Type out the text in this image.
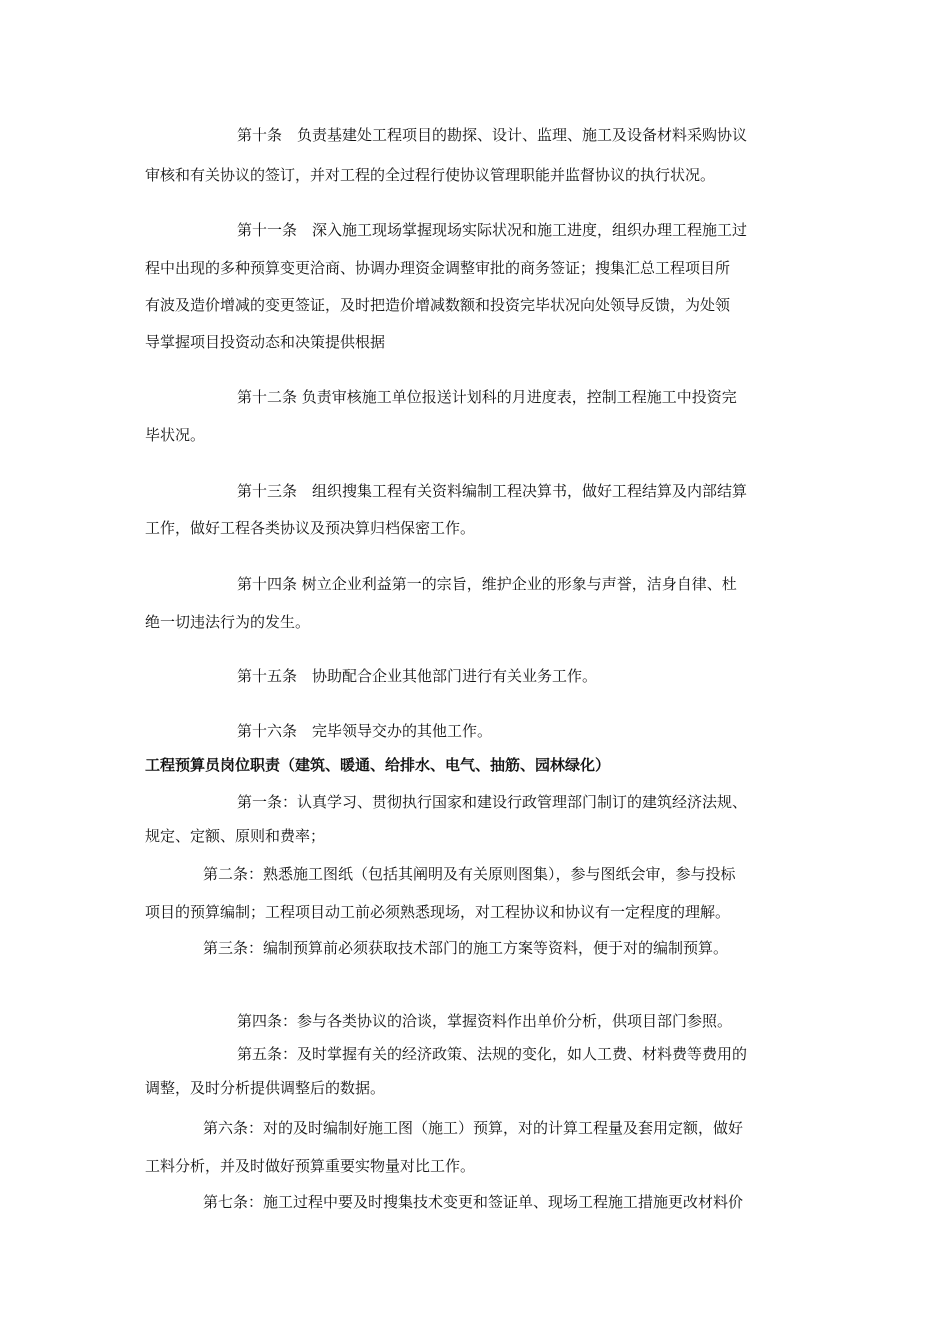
第十条　负责基建处工程项目的勘探、设计、监理、施工及设备材料采购协议
审核和有关协议的签订，并对工程的全过程行使协议管理职能并监督协议的执行状况。
第十一条　深入施工现场掌握现场实际状况和施工进度，组织办理工程施工过
程中出现的多种预算变更洽商、协调办理资金调整审批的商务签证；搜集汇总工程项目所
有波及造价增减的变更签证，及时把造价增减数额和投资完毕状况向处领导反馈，为处领
导掌握项目投资动态和决策提供根据
第十二条 负责审核施工单位报送计划科的月进度表，控制工程施工中投资完
毕状况。
第十三条　组织搜集工程有关资料编制工程决算书，做好工程结算及内部结算
工作，做好工程各类协议及预决算归档保密工作。
第十四条 树立企业利益第一的宗旨，维护企业的形象与声誉，洁身自律、杜
绝一切违法行为的发生。
第十五条　协助配合企业其他部门进行有关业务工作。
第十六条　完毕领导交办的其他工作。
工程预算员岗位职责（建筑、暖通、给排水、电气、抽筋、园林绿化）
第一条：认真学习、贯彻执行国家和建设行政管理部门制订的建筑经济法规、
规定、定额、原则和费率；
第二条：熟悉施工图纸（包括其阐明及有关原则图集），参与图纸会审，参与投标
项目的预算编制；工程项目动工前必须熟悉现场，对工程协议和协议有一定程度的理解。
第三条：编制预算前必须获取技术部门的施工方案等资料，便于对的编制预算。
第四条：参与各类协议的洽谈，掌握资料作出单价分析，供项目部门参照。
第五条：及时掌握有关的经济政策、法规的变化，如人工费、材料费等费用的
调整，及时分析提供调整后的数据。
第六条：对的及时编制好施工图（施工）预算，对的计算工程量及套用定额，做好
工料分析，并及时做好预算重要实物量对比工作。
第七条：施工过程中要及时搜集技术变更和签证单、现场工程施工措施更改材料价
